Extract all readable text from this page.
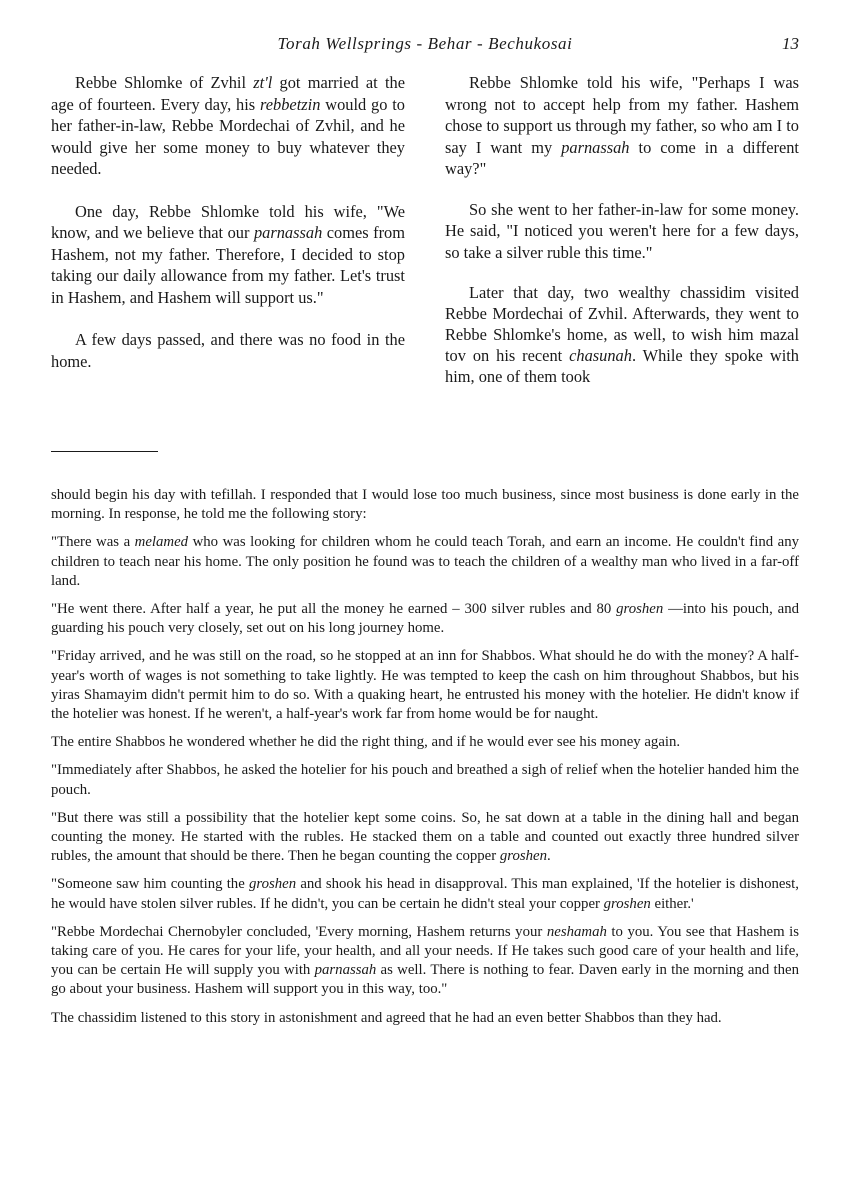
Torah Wellsprings - Behar - Bechukosai	13

Rebbe Shlomke of Zvhil zt'l got married at the age of fourteen. Every day, his rebbetzin would go to her father-in-law, Rebbe Mordechai of Zvhil, and he would give her some money to buy whatever they needed.

One day, Rebbe Shlomke told his wife, "We know, and we believe that our parnassah comes from Hashem, not my father. Therefore, I decided to stop taking our daily allowance from my father. Let's trust in Hashem, and Hashem will support us."

A few days passed, and there was no food in the home.

Rebbe Shlomke told his wife, "Perhaps I was wrong not to accept help from my father. Hashem chose to support us through my father, so who am I to say I want my parnassah to come in a different way?"

So she went to her father-in-law for some money. He said, "I noticed you weren't here for a few days, so take a silver ruble this time."

Later that day, two wealthy chassidim visited Rebbe Mordechai of Zvhil. Afterwards, they went to Rebbe Shlomke's home, as well, to wish him mazal tov on his recent chasunah. While they spoke with him, one of them took

should begin his day with tefillah. I responded that I would lose too much business, since most business is done early in the morning. In response, he told me the following story:

"There was a melamed who was looking for children whom he could teach Torah, and earn an income. He couldn't find any children to teach near his home. The only position he found was to teach the children of a wealthy man who lived in a far-off land.

"He went there. After half a year, he put all the money he earned – 300 silver rubles and 80 groshen —into his pouch, and guarding his pouch very closely, set out on his long journey home.

"Friday arrived, and he was still on the road, so he stopped at an inn for Shabbos. What should he do with the money? A half-year's worth of wages is not something to take lightly. He was tempted to keep the cash on him throughout Shabbos, but his yiras Shamayim didn't permit him to do so. With a quaking heart, he entrusted his money with the hotelier. He didn't know if the hotelier was honest. If he weren't, a half-year's work far from home would be for naught.

The entire Shabbos he wondered whether he did the right thing, and if he would ever see his money again.

"Immediately after Shabbos, he asked the hotelier for his pouch and breathed a sigh of relief when the hotelier handed him the pouch.

"But there was still a possibility that the hotelier kept some coins. So, he sat down at a table in the dining hall and began counting the money. He started with the rubles. He stacked them on a table and counted out exactly three hundred silver rubles, the amount that should be there. Then he began counting the copper groshen.

"Someone saw him counting the groshen and shook his head in disapproval. This man explained, 'If the hotelier is dishonest, he would have stolen silver rubles. If he didn't, you can be certain he didn't steal your copper groshen either.'

"Rebbe Mordechai Chernobyler concluded, 'Every morning, Hashem returns your neshamah to you. You see that Hashem is taking care of you. He cares for your life, your health, and all your needs. If He takes such good care of your health and life, you can be certain He will supply you with parnassah as well. There is nothing to fear. Daven early in the morning and then go about your business. Hashem will support you in this way, too."

The chassidim listened to this story in astonishment and agreed that he had an even better Shabbos than they had.
